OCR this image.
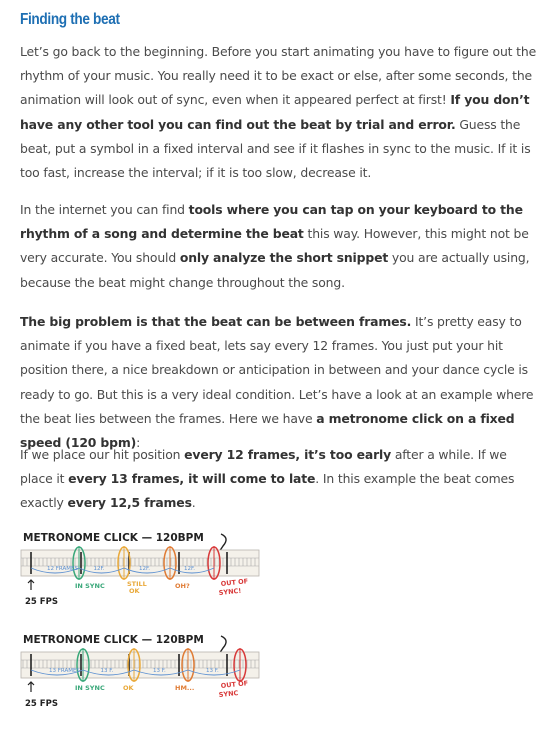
Finding the beat

Let’s go back to the beginning. Before you start animating you have to figure out the rhythm of your music. You really need it to be exact or else, after some seconds, the animation will look out of sync, even when it appeared perfect at first! If you don’t have any other tool you can find out the beat by trial and error. Guess the beat, put a symbol in a fixed interval and see if it flashes in sync to the music. If it is too fast, increase the interval; if it is too slow, decrease it.

In the internet you can find tools where you can tap on your keyboard to the rhythm of a song and determine the beat this way. However, this might not be very accurate. You should only analyze the short snippet you are actually using, because the beat might change throughout the song.

The big problem is that the beat can be between frames. It’s pretty easy to animate if you have a fixed beat, lets say every 12 frames. You just put your hit position there, a nice breakdown or anticipation in between and your dance cycle is ready to go. But this is a very ideal condition. Let’s have a look at an example where the beat lies between the frames. Here we have a metronome click on a fixed speed (120 bpm):

If we place our hit position every 12 frames, it’s too early after a while. If we place it every 13 frames, it will come to late. In this example the beat comes exactly every 12,5 frames.

METRONOME CLICK — 120BPM
12 FRAMES	12F.	12F.	12F.
25 FPS
IN SYNC	STILL
OK
OH?	OUT OF
SYNC!
METRONOME CLICK — 120BPM
13 FRAMES	13 F.	13 F.	13 F.
25 FPS
IN SYNC	OK	HM...	OUT OF
SYNC
